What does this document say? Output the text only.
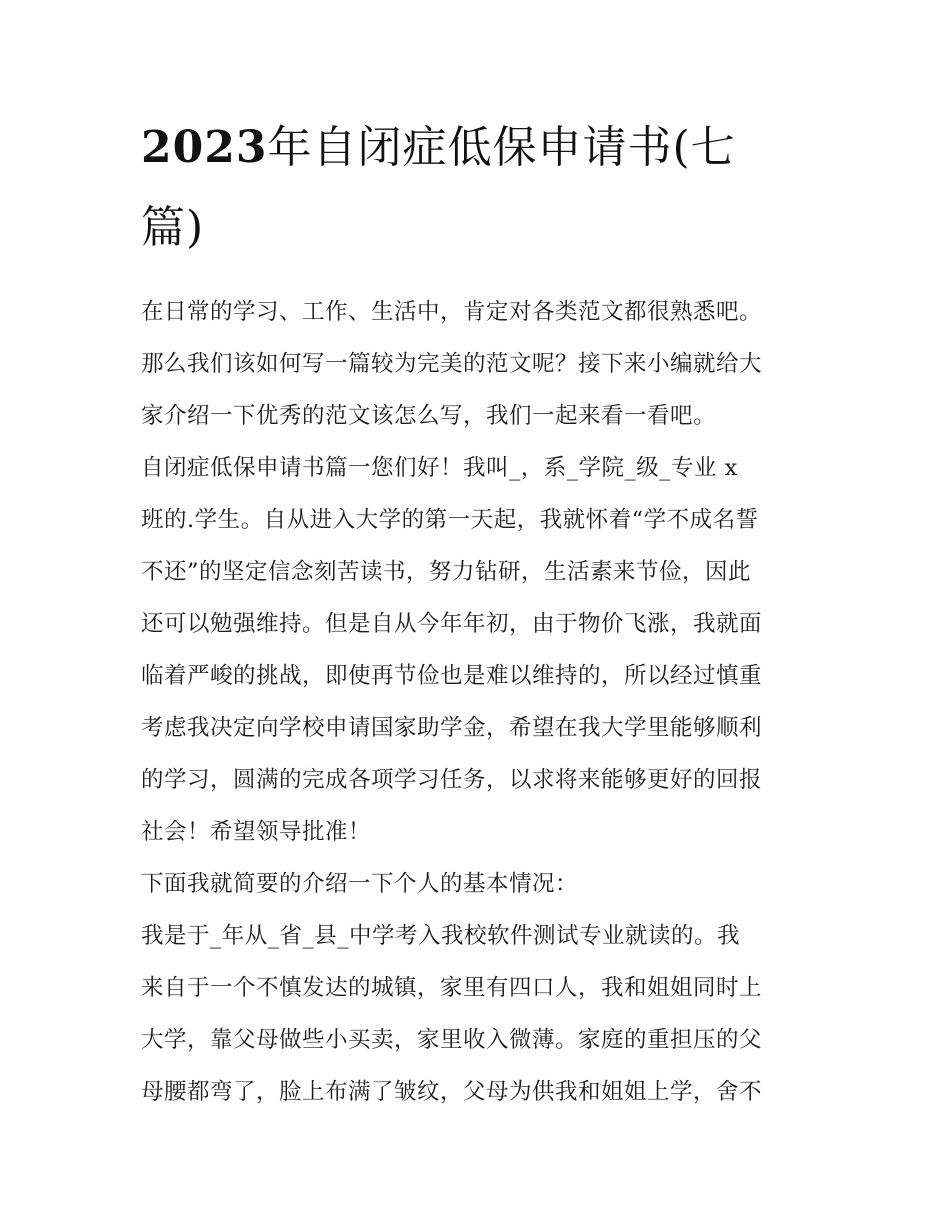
2023年自闭症低保申请书(七
篇)
在日常的学习、工作、生活中，肯定对各类范文都很熟悉吧。
那么我们该如何写一篇较为完美的范文呢？接下来小编就给大
家介绍一下优秀的范文该怎么写，我们一起来看一看吧。
自闭症低保申请书篇一您们好！我叫_，系_学院_级_专业 x
班的.学生。自从进入大学的第一天起，我就怀着“学不成名誓
不还”的坚定信念刻苦读书，努力钻研，生活素来节俭，因此
还可以勉强维持。但是自从今年年初，由于物价飞涨，我就面
临着严峻的挑战，即使再节俭也是难以维持的，所以经过慎重
考虑我决定向学校申请国家助学金，希望在我大学里能够顺利
的学习，圆满的完成各项学习任务，以求将来能够更好的回报
社会！希望领导批准！
下面我就简要的介绍一下个人的基本情况：
我是于_年从_省_县_中学考入我校软件测试专业就读的。我
来自于一个不慎发达的城镇，家里有四口人，我和姐姐同时上
大学，靠父母做些小买卖，家里收入微薄。家庭的重担压的父
母腰都弯了，脸上布满了皱纹，父母为供我和姐姐上学，舍不
